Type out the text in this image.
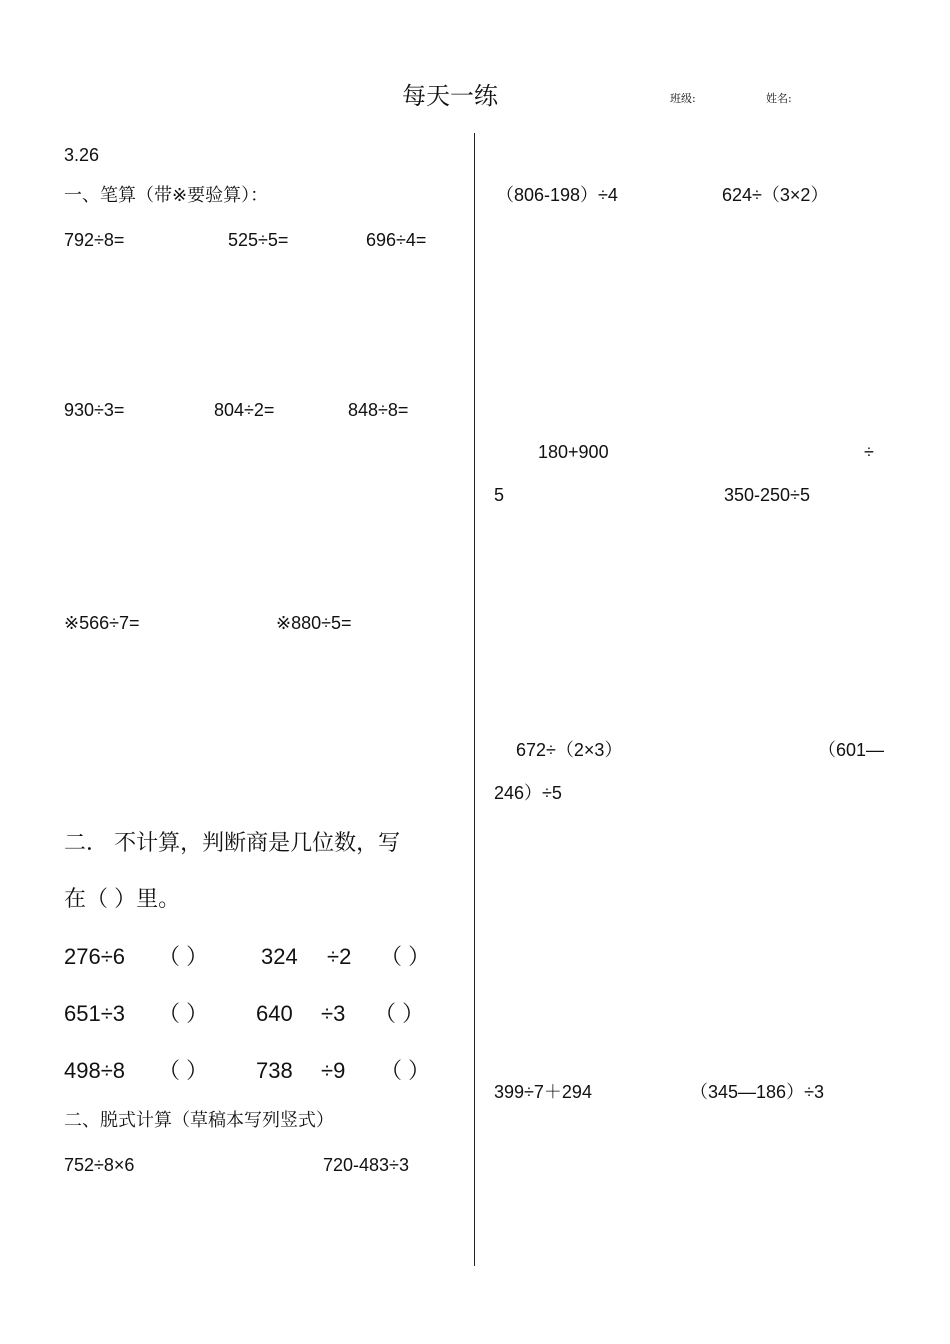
每天一练	班级:	姓名:
3.26
一、笔算（带※要验算）：
792÷8=	525÷5=	696÷4=
930÷3=	804÷2=	848÷8=
※566÷7=	※880÷5=
二． 不计算，判断商是几位数，写
在（ ）里。
276÷6 （ ） 324 ÷2 （ ）
651÷3 （ ） 640 ÷3 （ ）
498÷8 （ ） 738 ÷9 （ ）
二、脱式计算（草稿本写列竖式）
752÷8×6	720-483÷3
（806-198）÷4	624÷（3×2）
180+900	÷
5	350-250÷5
672÷（2×3）	（601—
246）÷5
399÷7＋294	（345—186）÷3
